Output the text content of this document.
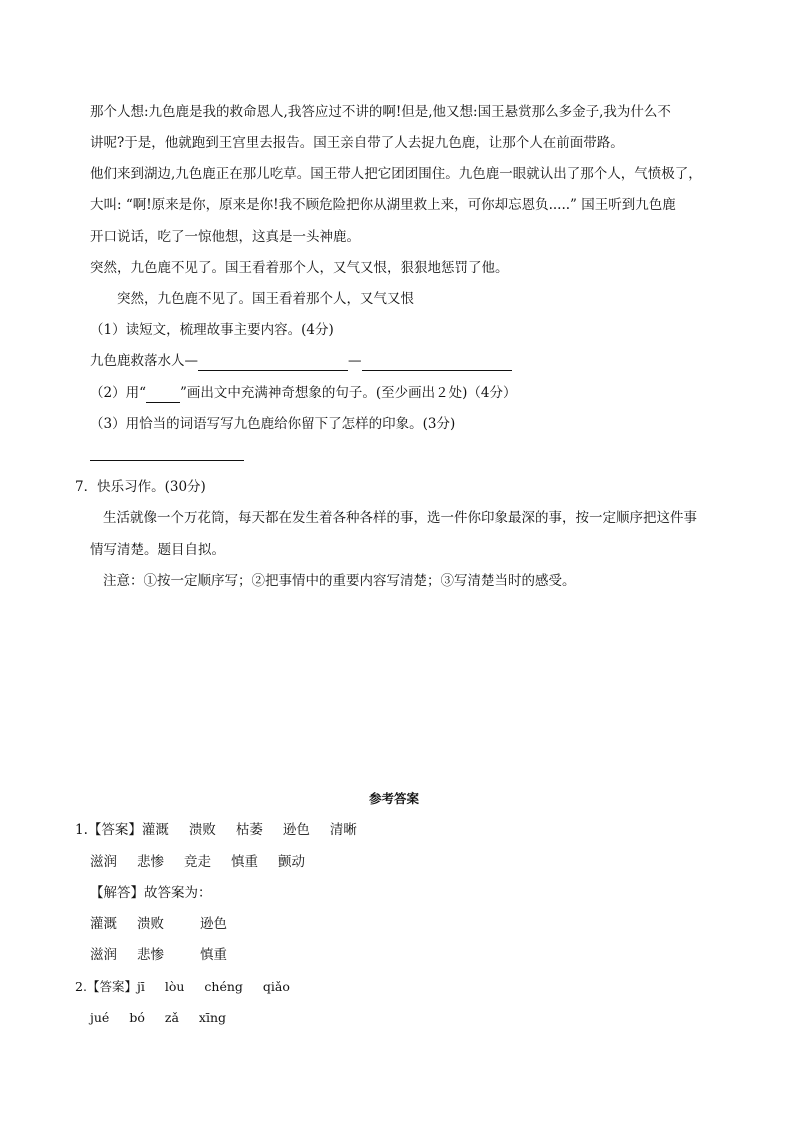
那个人想:九色鹿是我的救命恩人,我答应过不讲的啊!但是,他又想:国王悬赏那么多金子,我为什么不
讲呢?于是，他就跑到王宫里去报告。国王亲自带了人去捉九色鹿，让那个人在前面带路。
他们来到湖边,九色鹿正在那儿吃草。国王带人把它团团围住。九色鹿一眼就认出了那个人，气愤极了，
大叫: “啊!原来是你，原来是你!我不顾危险把你从湖里救上来，可你却忘恩负.....” 国王听到九色鹿
开口说话，吃了一惊他想，这真是一头神鹿。
突然，九色鹿不见了。国王看着那个人，又气又恨，狠狠地惩罚了他。
突然，九色鹿不见了。国王看着那个人，又气又恨
（1）读短文，梳理故事主要内容。(4分)
九色鹿救落水人—	—
（2）用“	”画出文中充满神奇想象的句子。(至少画出２处)（4分）
（3）用恰当的词语写写九色鹿给你留下了怎样的印象。(3分)
7．快乐习作。(30分)
生活就像一个万花筒，每天都在发生着各种各样的事，选一件你印象最深的事，按一定顺序把这件事
情写清楚。题目自拟。
注意：①按一定顺序写；②把事情中的重要内容写清楚；③写清楚当时的感受。
参考答案
1.【答案】灌溉 溃败 枯萎 逊色 清晰
滋润 悲惨 竞走 慎重 颤动
【解答】故答案为：
灌溉 溃败	逊色
滋润 悲惨	慎重
2.【答案】jī lòu chéng qiǎo
jué bó zǎ xīng
